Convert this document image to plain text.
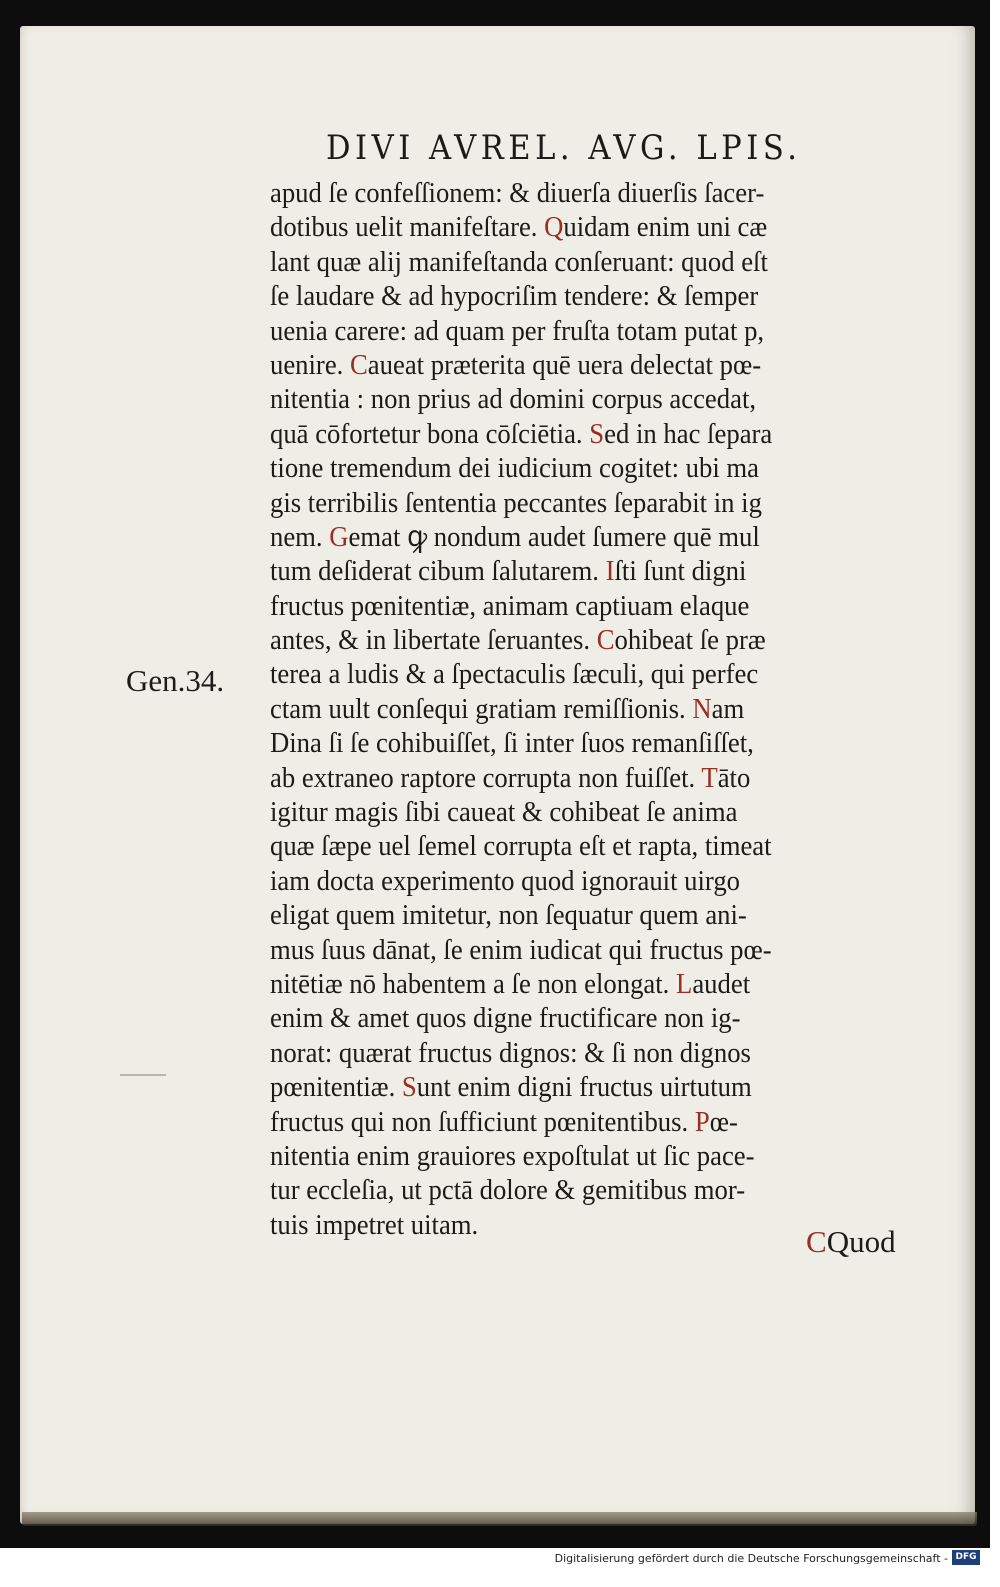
DIVI AVREL. AVG. LPIS.
Gen.34.
apud ſe confeſſionem: & diuerſa diuerſis ſacer-
dotibus uelit manifeſtare. Quidam enim uni cæ
lant quæ alij manifeſtanda conſeruant: quod eſt
ſe laudare & ad hypocriſim tendere: & ſemper
uenia carere: ad quam per fruſta totam putat p,
uenire. Caueat præterita quē uera delectat pœ-
nitentia : non prius ad domini corpus accedat,
quā cōfortetur bona cōſciētia. Sed in hac ſepara
tione tremendum dei iudicium cogitet: ubi ma
gis terribilis ſententia peccantes ſeparabit in ig
nem. Gemat ꝙ nondum audet ſumere quē mul
tum deſiderat cibum ſalutarem. Iſti ſunt digni
fructus pœnitentiæ, animam captiuam elaque
antes, & in libertate ſeruantes. Cohibeat ſe præ
terea a ludis & a ſpectaculis ſæculi, qui perfec
ctam uult conſequi gratiam remiſſionis. Nam
Dina ſi ſe cohibuiſſet, ſi inter ſuos remanſiſſet,
ab extraneo raptore corrupta non fuiſſet. Tāto
igitur magis ſibi caueat & cohibeat ſe anima
quæ ſæpe uel ſemel corrupta eſt et rapta, timeat
iam docta experimento quod ignorauit uirgo
eligat quem imitetur, non ſequatur quem ani-
mus ſuus dānat, ſe enim iudicat qui fructus pœ-
nitētiæ nō habentem a ſe non elongat. Laudet
enim & amet quos digne fructificare non ig-
norat: quærat fructus dignos: & ſi non dignos
pœnitentiæ. Sunt enim digni fructus uirtutum
fructus qui non ſufficiunt pœnitentibus. Pœ-
nitentia enim grauiores expoſtulat ut ſic pace-
tur eccleſia, ut pctā dolore & gemitibus mor-
tuis impetret uitam.	CQuod
Digitalisierung gefördert durch die Deutsche Forschungsgemeinschaft - DFG
